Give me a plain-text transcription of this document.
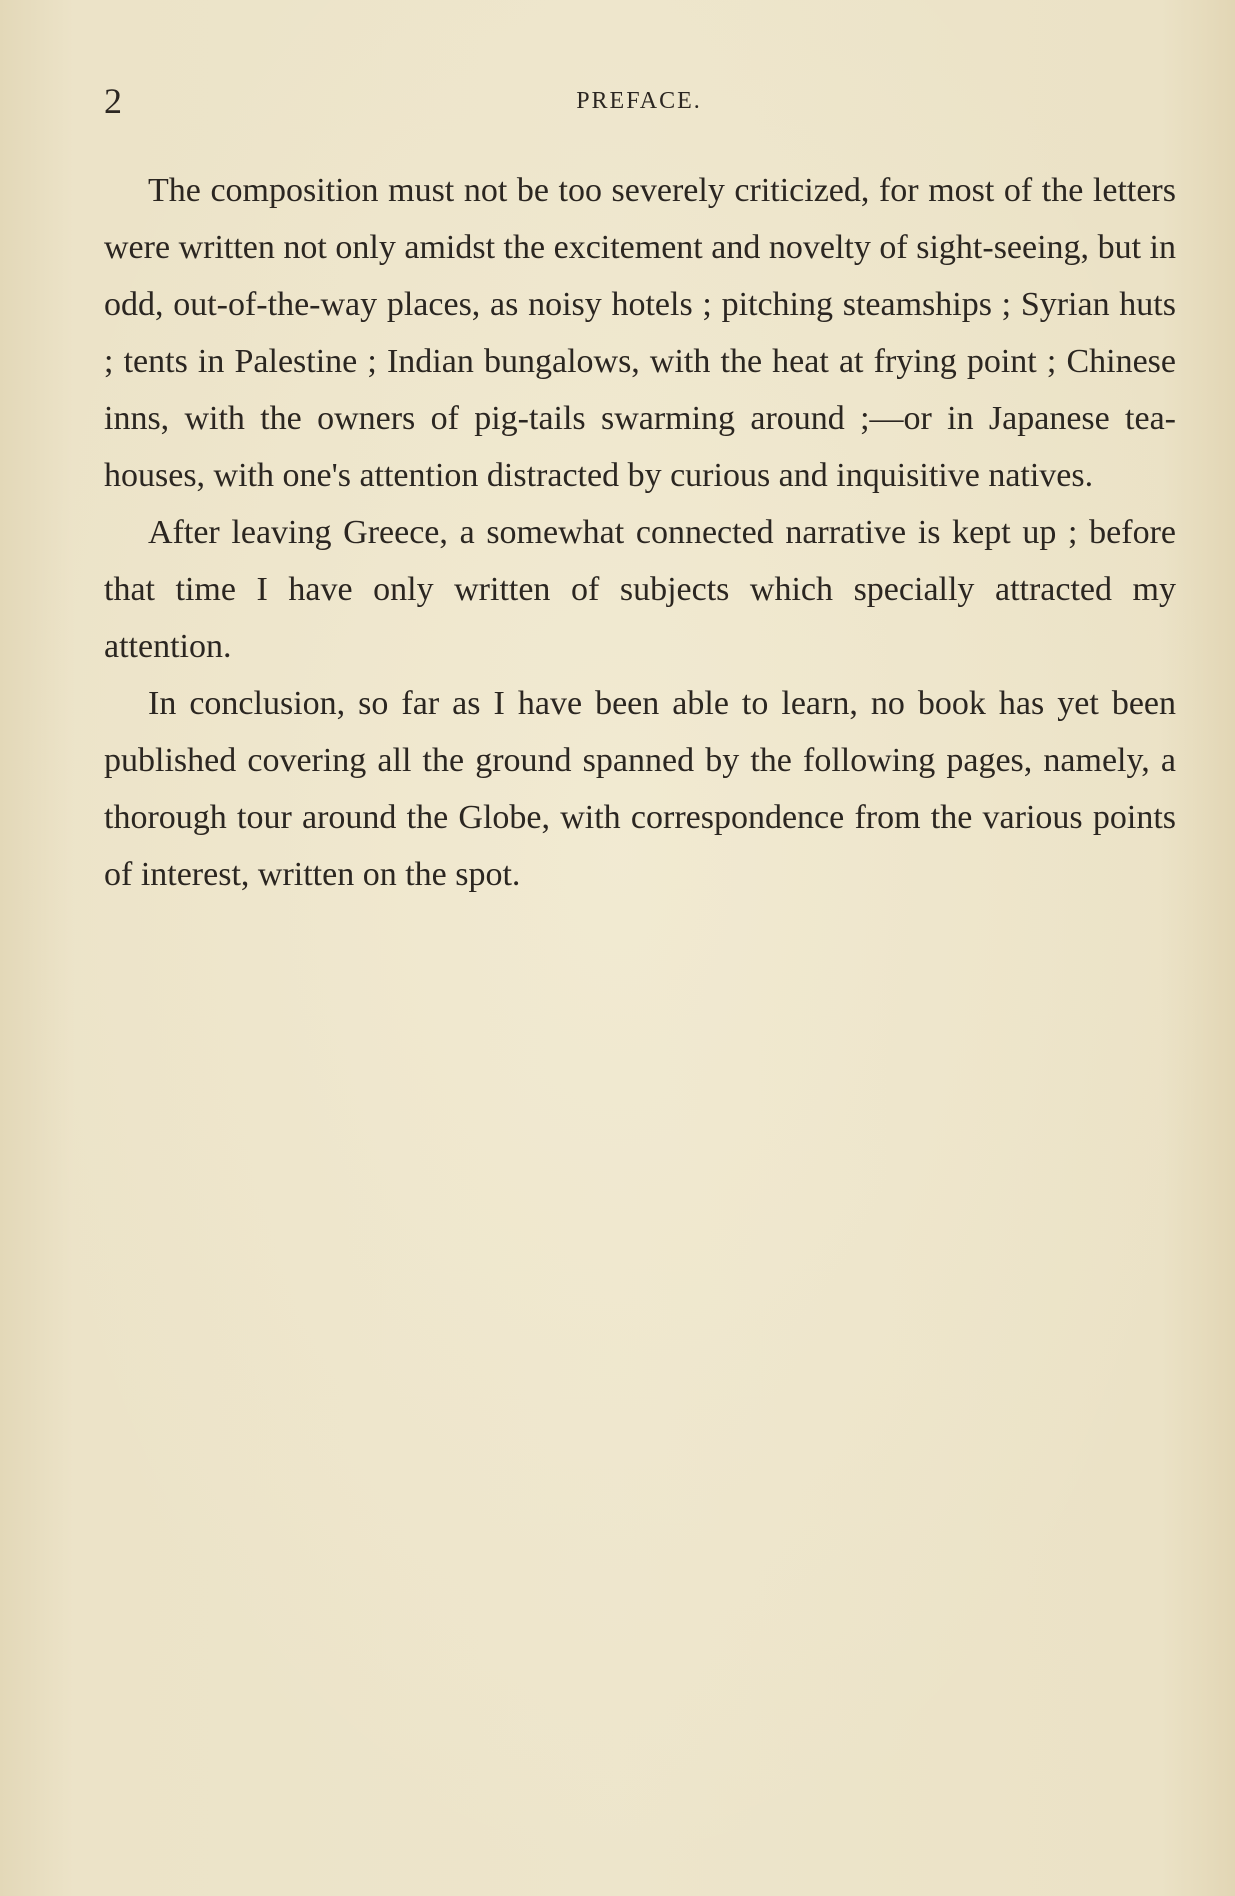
2	PREFACE.

The composition must not be too severely criticized, for most of the letters were written not only amidst the excitement and novelty of sight-seeing, but in odd, out-of-the-way places, as noisy hotels ; pitching steamships ; Syrian huts ; tents in Palestine ; Indian bungalows, with the heat at frying point ; Chinese inns, with the owners of pig-tails swarming around ;—or in Japanese tea-houses, with one's attention distracted by curious and inquisitive natives.

After leaving Greece, a somewhat connected narrative is kept up ; before that time I have only written of subjects which specially attracted my attention.

In conclusion, so far as I have been able to learn, no book has yet been published covering all the ground spanned by the following pages, namely, a thorough tour around the Globe, with correspondence from the various points of interest, written on the spot.
